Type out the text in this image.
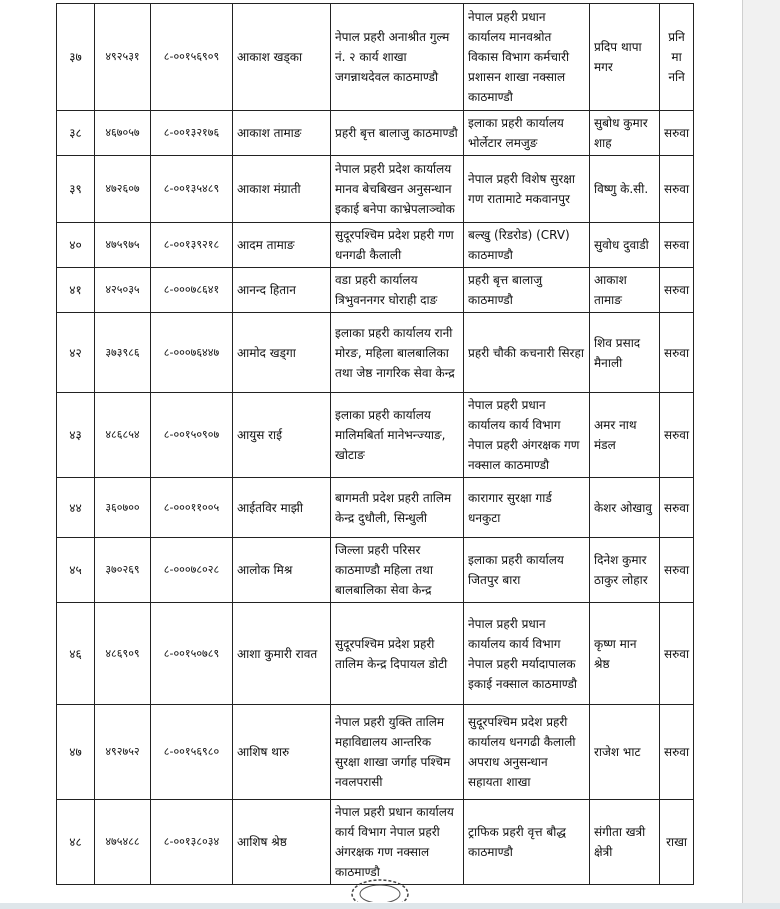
३७	४९२५३१	८-००१५६९०९	आकाश खड्का	नेपाल प्रहरी अनाश्रीत गुल्म नं. २ कार्य शाखा जगन्नाथदेवल काठमाण्डौ	नेपाल प्रहरी प्रधान कार्यालय मानवश्रोत विकास विभाग कर्मचारी प्रशासन शाखा नक्साल काठमाण्डौ	प्रदिप थापा मगर	प्रनि मा ननि
३८	४६७०५७	८-००१३२१७६	आकाश तामाङ	प्रहरी बृत्त बालाजु काठमाण्डौ	इलाका प्रहरी कार्यालय भोर्लेटार लमजुङ	सुबोध कुमार शाह	सरुवा
३९	४७२६०७	८-००१३५४८९	आकाश मंग्राती	नेपाल प्रहरी प्रदेश कार्यालय मानव बेचबिखन अनुसन्धान इकाई बनेपा काभ्रेपलाञ्चोक	नेपाल प्रहरी विशेष सुरक्षा गण रातामाटे मकवानपुर	विष्णु के.सी.	सरुवा
४०	४७५९७५	८-००१३९२१८	आदम तामाङ	सुदूरपश्चिम प्रदेश प्रहरी गण धनगढी कैलाली	बल्खु (रिडरोड) (CRV) काठमाण्डौ	सुवोध दुवाडी	सरुवा
४१	४२५०३५	८-०००७८६४१	आनन्द हितान	वडा प्रहरी कार्यालय त्रिभुवननगर घोराही दाङ	प्रहरी बृत्त बालाजु काठमाण्डौ	आकाश तामाङ	सरुवा
४२	३७३९८६	८-०००७६४४७	आमोद खड्गा	इलाका प्रहरी कार्यालय रानी मोरङ, महिला बालबालिका तथा जेष्ठ नागरिक सेवा केन्द्र	प्रहरी चौकी कचनारी सिरहा	शिव प्रसाद मैनाली	सरुवा
४३	४८६८५४	८-००१५०९०७	आयुस राई	इलाका प्रहरी कार्यालय मालिमबिर्ता मानेभन्ज्याङ, खोटाङ	नेपाल प्रहरी प्रधान कार्यालय कार्य विभाग नेपाल प्रहरी अंगरक्षक गण नक्साल काठमाण्डौ	अमर नाथ मंडल	सरुवा
४४	३६०७००	८-०००११००५	आईतविर माझी	बागमती प्रदेश प्रहरी तालिम केन्द्र दुधौली, सिन्धुली	कारागार सुरक्षा गार्ड धनकुटा	केशर ओखावु	सरुवा
४५	३७०२६९	८-०००७८०२८	आलोक मिश्र	जिल्ला प्रहरी परिसर काठमाण्डौ महिला तथा बालबालिका सेवा केन्द्र	इलाका प्रहरी कार्यालय जितपुर बारा	दिनेश कुमार ठाकुर लोहार	सरुवा
४६	४८६९०९	८-००१५०७८९	आशा कुमारी रावत	सुदूरपश्चिम प्रदेश प्रहरी तालिम केन्द्र दिपायल डोटी	नेपाल प्रहरी प्रधान कार्यालय कार्य विभाग नेपाल प्रहरी मर्यादापालक इकाई नक्साल काठमाण्डौ	कृष्ण मान श्रेष्ठ	सरुवा
४७	४९२७५२	८-००१५६९८०	आशिष थारु	नेपाल प्रहरी युक्ति तालिम महाविद्यालय आन्तरिक सुरक्षा शाखा जर्गाह पश्चिम नवलपरासी	सुदूरपश्चिम प्रदेश प्रहरी कार्यालय धनगढी कैलाली अपराध अनुसन्धान सहायता शाखा	राजेश भाट	सरुवा
४८	४७५४८८	८-००१३८०३४	आशिष श्रेष्ठ	नेपाल प्रहरी प्रधान कार्यालय कार्य विभाग नेपाल प्रहरी अंगरक्षक गण नक्साल काठमाण्डौ	ट्राफिक प्रहरी वृत्त बौद्ध काठमाण्डौ	संगीता खत्री क्षेत्री	राखा
